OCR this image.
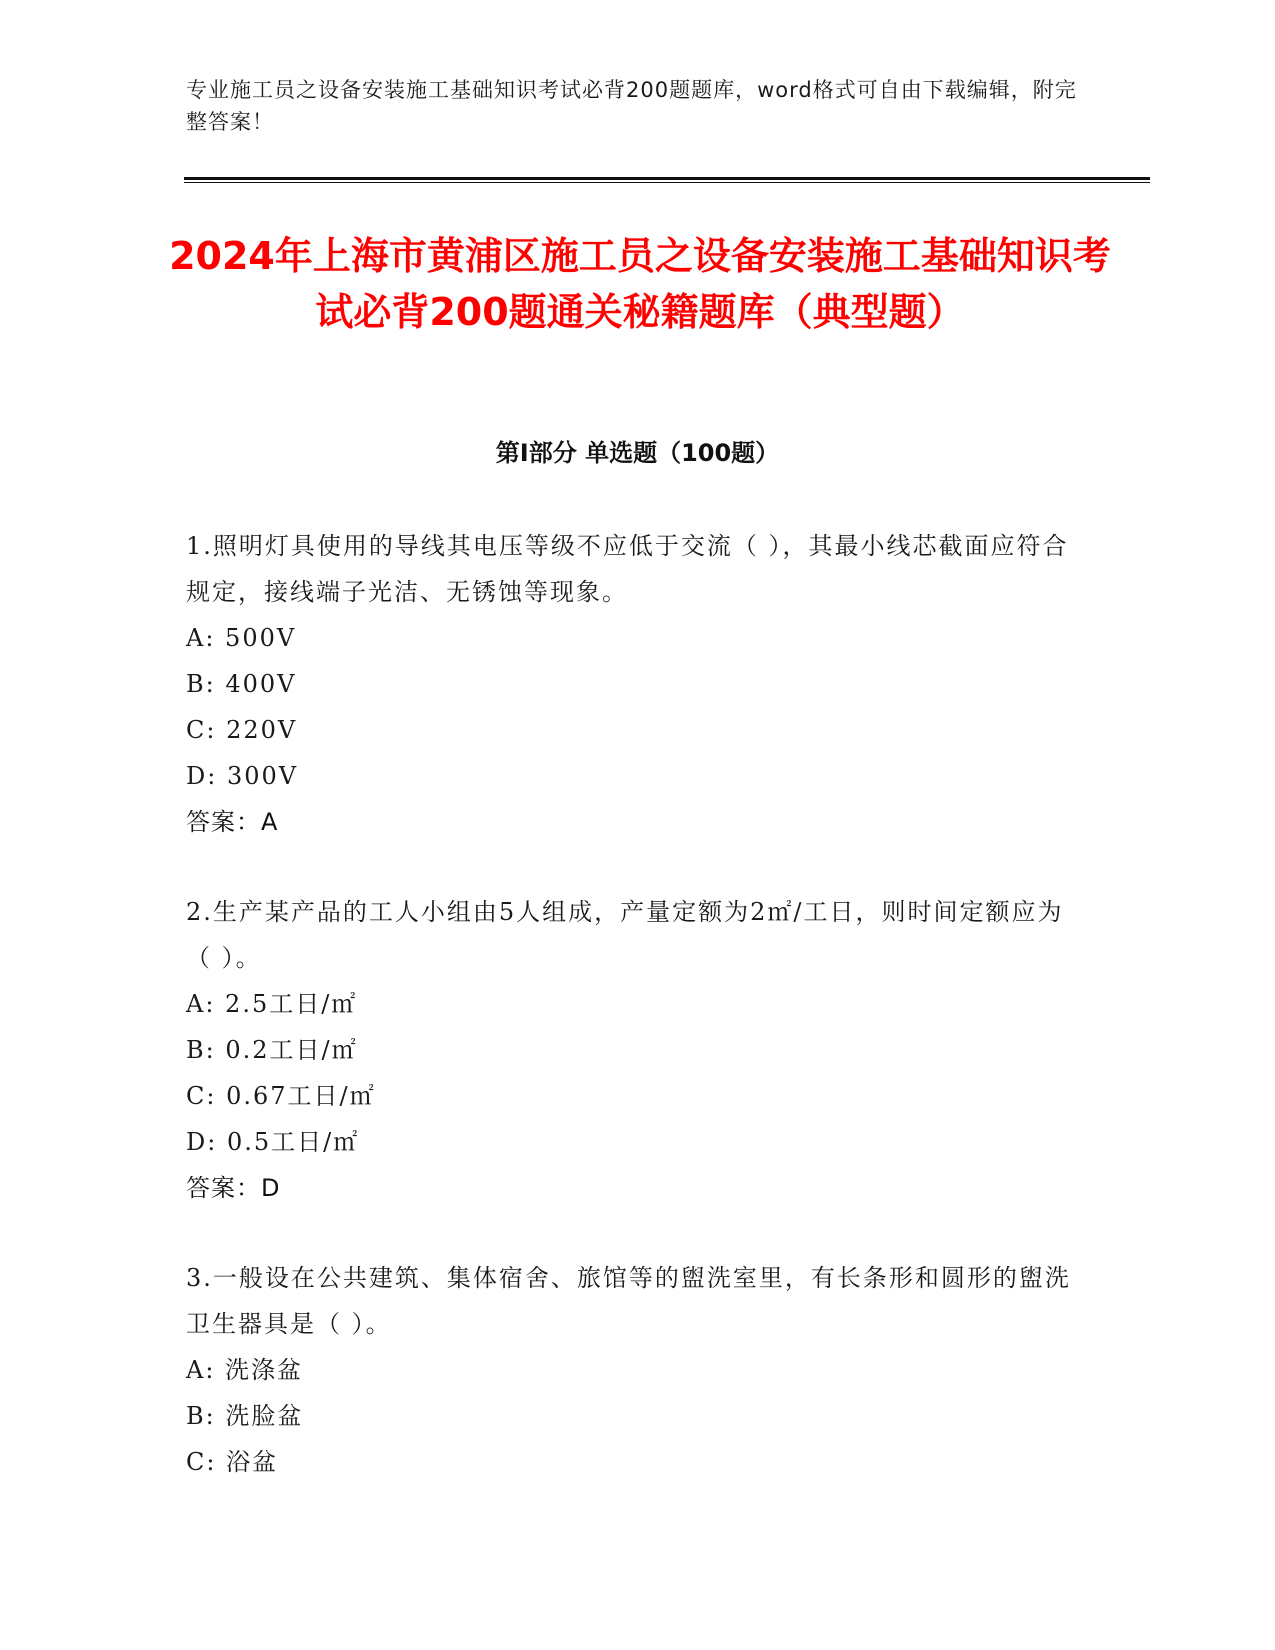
专业施工员之设备安装施工基础知识考试必背200题题库，word格式可自由下载编辑，附完整答案！
2024年上海市黄浦区施工员之设备安装施工基础知识考试必背200题通关秘籍题库（典型题）
第Ⅰ部分 单选题（100题）
1.照明灯具使用的导线其电压等级不应低于交流（ ），其最小线芯截面应符合规定，接线端子光洁、无锈蚀等现象。
A: 500V
B: 400V
C: 220V
D: 300V
答案：A
2.生产某产品的工人小组由5人组成，产量定额为2㎡/工日，则时间定额应为（ ）。
A: 2.5工日/㎡
B: 0.2工日/㎡
C: 0.67工日/㎡
D: 0.5工日/㎡
答案：D
3.一般设在公共建筑、集体宿舍、旅馆等的盥洗室里，有长条形和圆形的盥洗卫生器具是（ ）。
A: 洗涤盆
B: 洗脸盆
C: 浴盆
